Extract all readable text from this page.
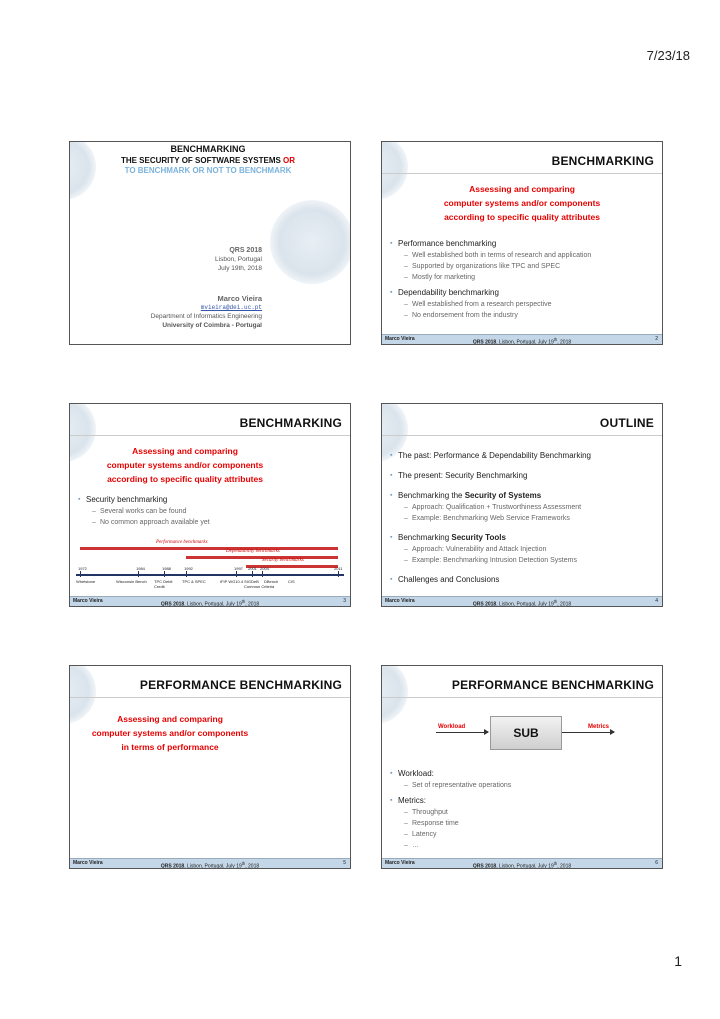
7/23/18
BENCHMARKING
THE SECURITY OF SOFTWARE SYSTEMS OR
TO BENCHMARK OR NOT TO BENCHMARK
QRS 2018
Lisbon, Portugal
July 19th, 2018
Marco Vieira
mvieira@dei.uc.pt
Department of Informatics Engineering
University of Coimbra - Portugal
BENCHMARKING
Assessing and comparing
computer systems and/or components
according to specific quality attributes
▪ Performance benchmarking
– Well established both in terms of research and application
– Supported by organizations like TPC and SPEC
– Mostly for marketing
▪ Dependability benchmarking
– Well established from a research perspective
– No endorsement from the industry
Marco Vieira
QRS 2018, Lisbon, Portugal, July 19th, 2018
2
BENCHMARKING
Assessing and comparing
computer systems and/or components
according to specific quality attributes
▪ Security benchmarking
– Several works can be found
– No common approach available yet
Performance benchmarks
Dependability benchmarks
Security benchmarks
1972	1984	1988	1992	1997 2001 2004	2011
Whetstone	Wisconsin Bench TPC Debit Credit
TPC & SPEC	IFIP WG10.4 SIGDeB DBench CIS
Common Criteria
Marco Vieira
QRS 2018, Lisbon, Portugal, July 19th, 2018
3
OUTLINE
▪ The past: Performance & Dependability Benchmarking
▪ The present: Security Benchmarking
▪ Benchmarking the Security of Systems
– Approach: Qualification + Trustworthiness Assessment
– Example: Benchmarking Web Service Frameworks
▪ Benchmarking Security Tools
– Approach: Vulnerability and Attack Injection
– Example: Benchmarking Intrusion Detection Systems
▪ Challenges and Conclusions
Marco Vieira
QRS 2018, Lisbon, Portugal, July 19th, 2018
4
PERFORMANCE BENCHMARKING
Assessing and comparing
computer systems and/or components
in terms of performance
Marco Vieira
QRS 2018, Lisbon, Portugal, July 19th, 2018
5
PERFORMANCE BENCHMARKING
Workload	SUB	Metrics
▪ Workload:
– Set of representative operations
▪ Metrics:
– Throughput
– Response time
– Latency
– …
Marco Vieira
QRS 2018, Lisbon, Portugal, July 19th, 2018
6
1
